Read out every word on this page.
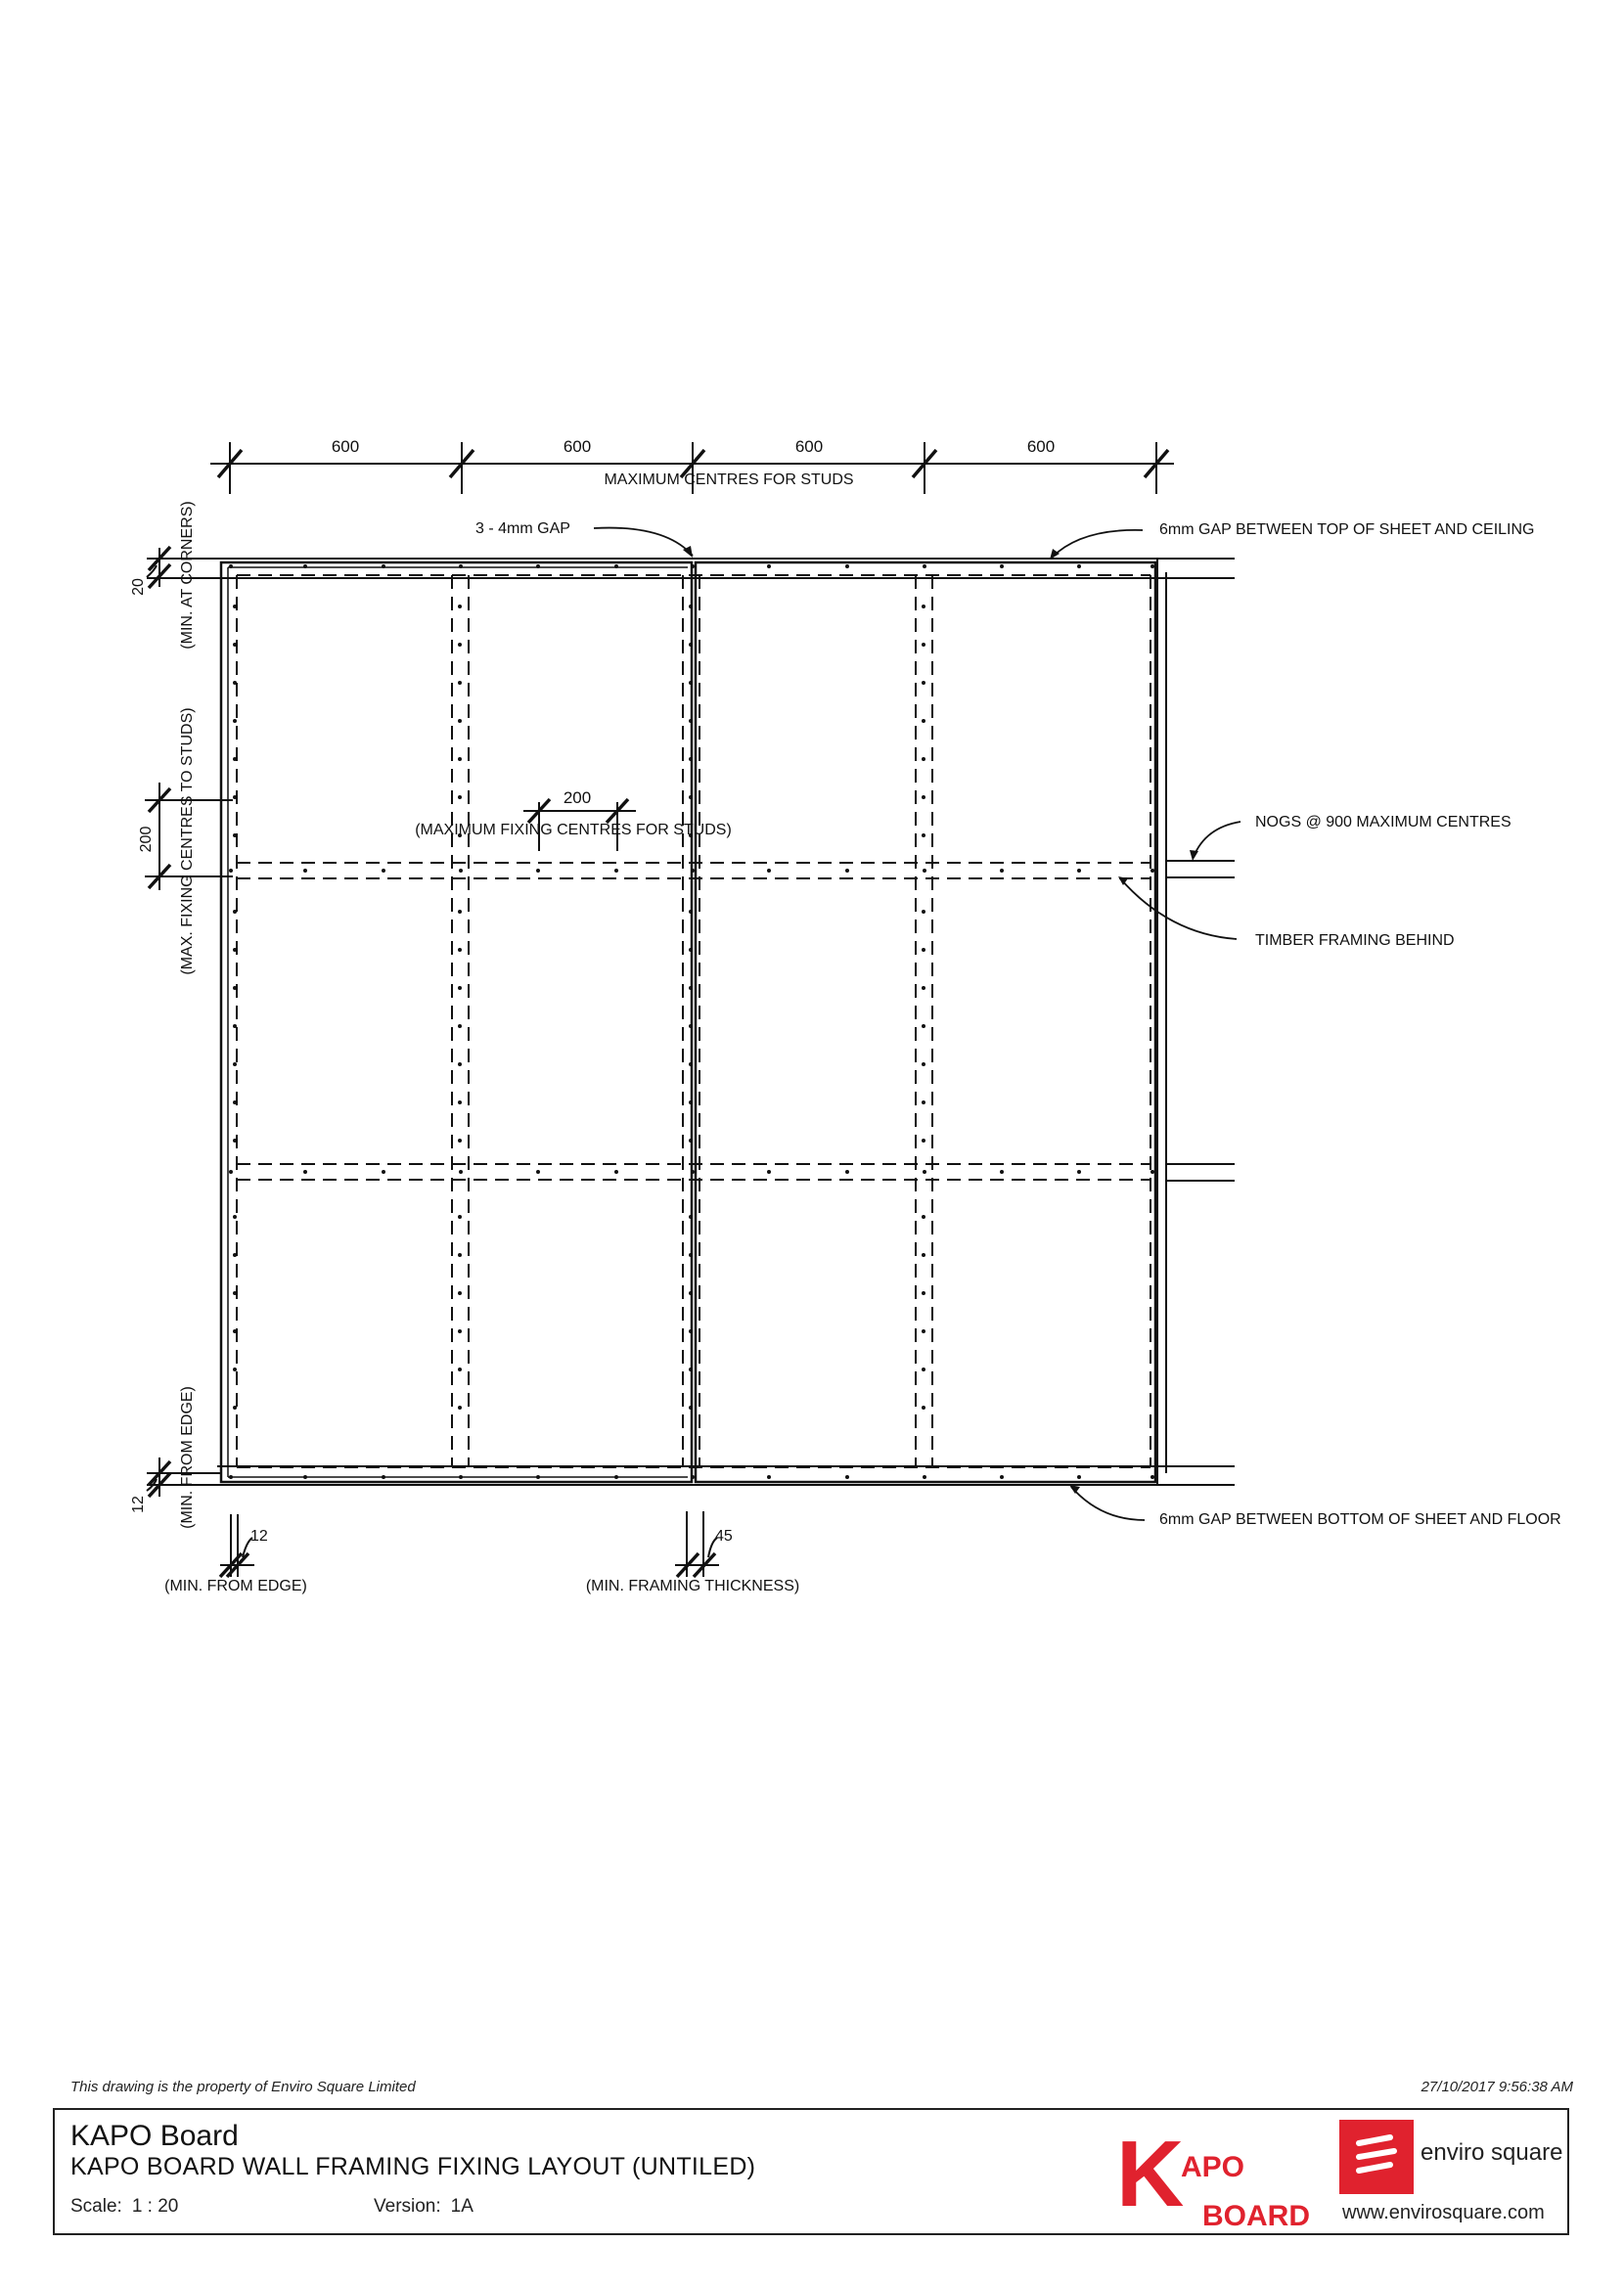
600	600	600	600
MAXIMUM CENTRES FOR STUDS
20 (MIN. AT CORNERS)
200 (MAX. FIXING CENTRES TO STUDS)
12 (MIN. FROM EDGE)
200
(MAXIMUM FIXING CENTRES FOR STUDS)
12
(MIN. FROM EDGE)
45
(MIN. FRAMING THICKNESS)
3 - 4mm GAP	6mm GAP BETWEEN TOP OF SHEET AND CEILING
NOGS @ 900 MAXIMUM CENTRES
TIMBER FRAMING BEHIND
6mm GAP BETWEEN BOTTOM OF SHEET AND FLOOR
This drawing is the property of Enviro Square Limited	27/10/2017 9:56:38 AM
KAPO Board
KAPO BOARD WALL FRAMING FIXING LAYOUT (UNTILED)
Scale: 1 : 20	Version: 1A	K
APO
BOARD
enviro square
www.envirosquare.com
